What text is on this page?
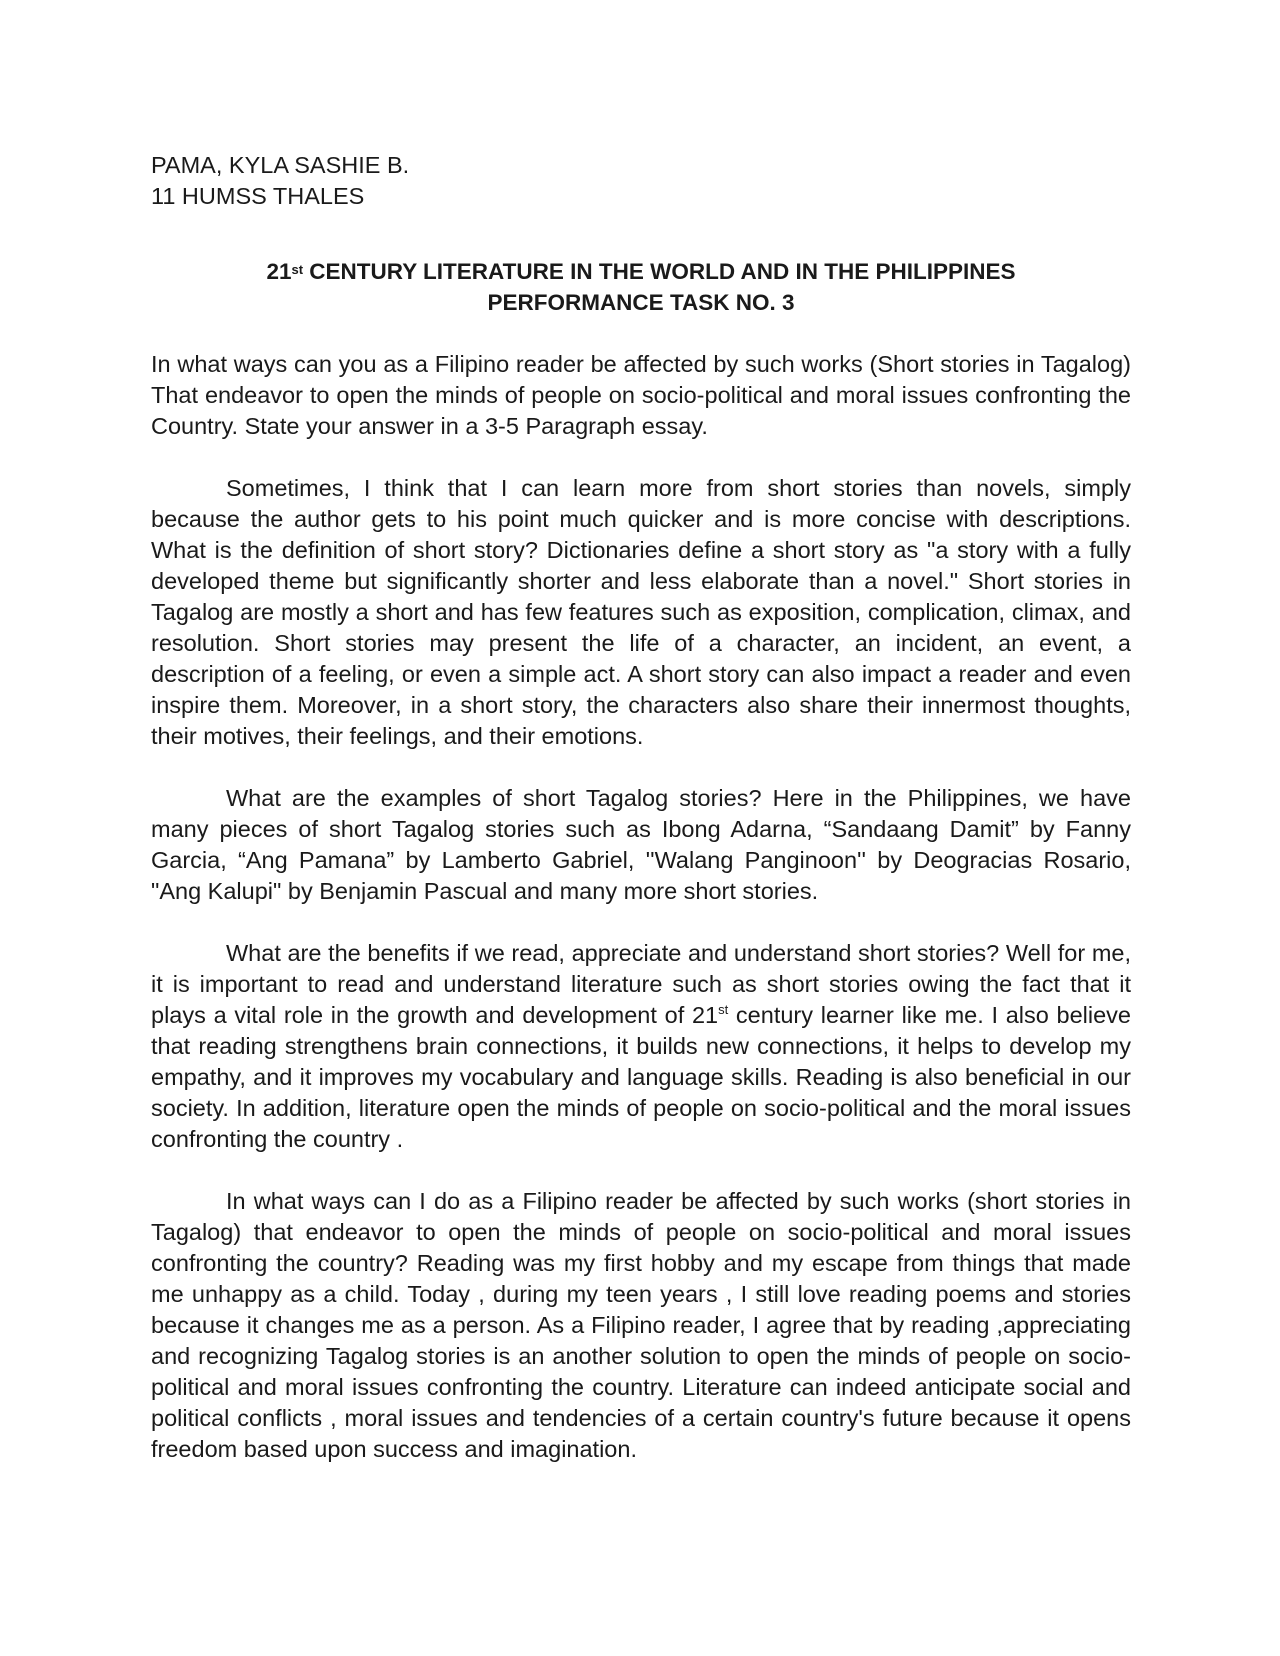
PAMA, KYLA SASHIE B.

11 HUMSS THALES

21st CENTURY LITERATURE IN THE WORLD AND IN THE PHILIPPINES
PERFORMANCE TASK NO. 3
In what ways can you as a Filipino reader be affected by such works (Short stories in Tagalog) That endeavor to open the minds of people on socio-political and moral issues confronting the Country. State your answer in a 3-5 Paragraph essay.
Sometimes, I think that I can learn more from short stories than novels, simply because the author gets to his point much quicker and is more concise with descriptions. What is the definition of short story? Dictionaries define a short story as "a story with a fully developed theme but significantly shorter and less elaborate than a novel." Short stories in Tagalog are mostly a short and has few features such as exposition, complication, climax, and resolution. Short stories may present the life of a character, an incident, an event, a description of a feeling, or even a simple act. A short story can also impact a reader and even inspire them. Moreover, in a short story, the characters also share their innermost thoughts, their motives, their feelings, and their emotions.
What are the examples of short Tagalog stories? Here in the Philippines, we have many pieces of short Tagalog stories such as Ibong Adarna, “Sandaang Damit” by Fanny Garcia, “Ang Pamana” by Lamberto Gabriel, ''Walang Panginoon'' by Deogracias Rosario, "Ang Kalupi" by Benjamin Pascual and many more short stories.
What are the benefits if we read, appreciate and understand short stories? Well for me, it is important to read and understand literature such as short stories owing the fact that it plays a vital role in the growth and development of 21st century learner like me. I also believe that reading strengthens brain connections, it builds new connections, it helps to develop my empathy, and it improves my vocabulary and language skills. Reading is also beneficial in our society. In addition, literature open the minds of people on socio-political and the moral issues confronting the country .
In what ways can I do as a Filipino reader be affected by such works (short stories in Tagalog) that endeavor to open the minds of people on socio-political and moral issues confronting the country? Reading was my first hobby and my escape from things that made me unhappy as a child. Today , during my teen years , I still love reading poems and stories because it changes me as a person. As a Filipino reader, I agree that by reading ,appreciating and recognizing Tagalog stories is an another solution to open the minds of people on socio-political and moral issues confronting the country. Literature can indeed anticipate social and political conflicts , moral issues and tendencies of a certain country's future because it opens freedom based upon success and imagination.
